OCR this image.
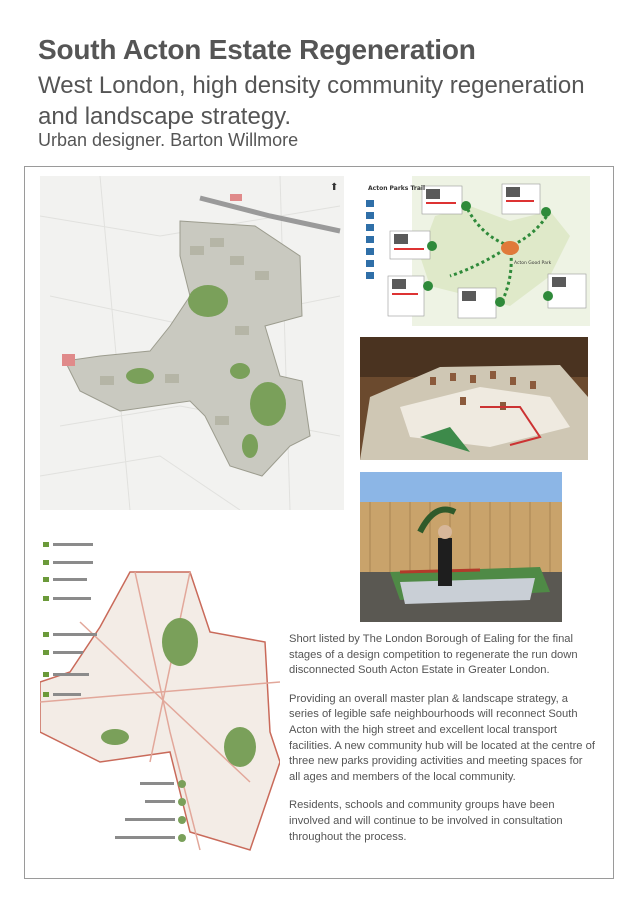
South Acton Estate Regeneration

West London, high density community regeneration and landscape strategy.

Urban designer. Barton Willmore

⬆
Acton Good Park
Acton Parks Trail

Short listed by The London Borough of Ealing for the final stages of a design competition to regenerate the run down disconnected South Acton Estate in Greater London.

Providing an overall master plan & landscape strategy, a series of legible safe neighbourhoods will reconnect South Acton with the high street and excellent local transport facilities. A new community hub will be located at the centre of three new parks providing activities and meeting spaces for all ages and members of the local community.

Residents, schools and community groups have been involved and will continue to be involved in consultation throughout the process.
